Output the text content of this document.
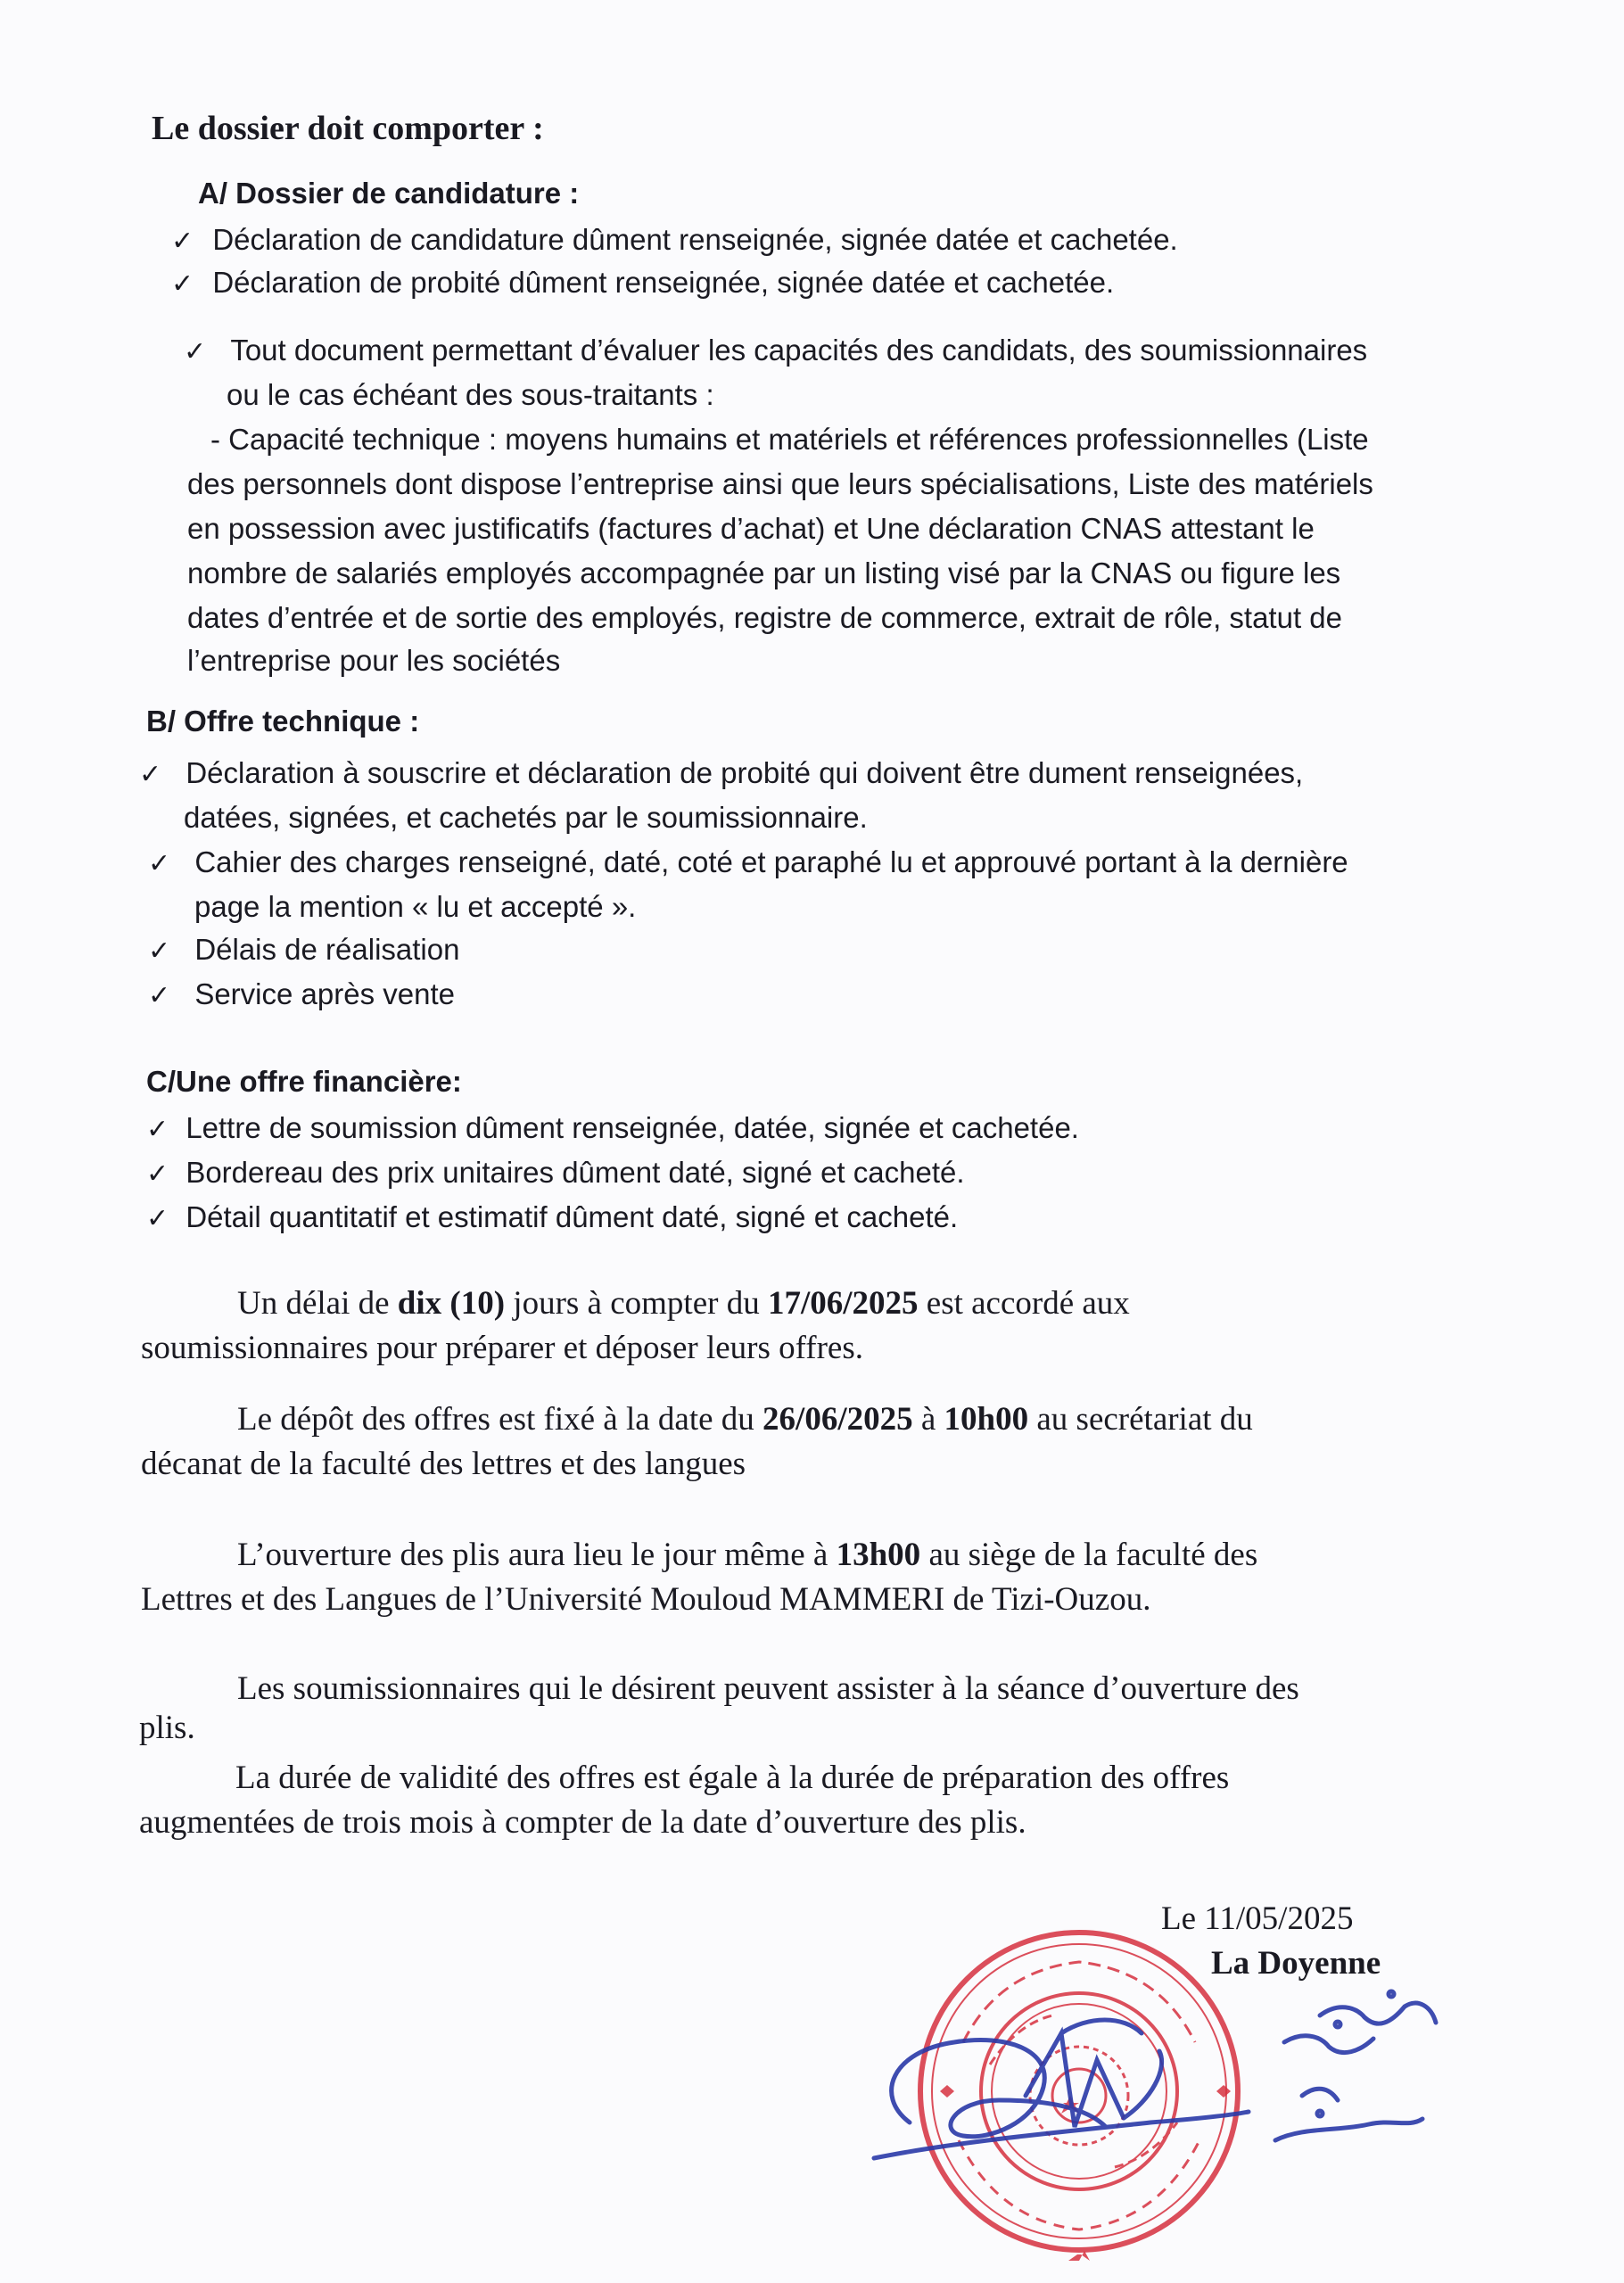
Le dossier doit comporter :
A/ Dossier de candidature :
✓ Déclaration de candidature dûment renseignée, signée datée et cachetée.
✓ Déclaration de probité dûment renseignée, signée datée et cachetée.
✓ Tout document permettant d’évaluer les capacités des candidats, des soumissionnaires
ou le cas échéant des sous-traitants :
- Capacité technique : moyens humains et matériels et références professionnelles (Liste
des personnels dont dispose l’entreprise ainsi que leurs spécialisations, Liste des matériels
en possession avec justificatifs (factures d’achat) et Une déclaration CNAS attestant le
nombre de salariés employés accompagnée par un listing visé par la CNAS ou figure les
dates d’entrée et de sortie des employés, registre de commerce, extrait de rôle, statut de
l’entreprise pour les sociétés
B/ Offre technique :
✓ Déclaration à souscrire et déclaration de probité qui doivent être dument renseignées,
datées, signées, et cachetés par le soumissionnaire.
✓ Cahier des charges renseigné, daté, coté et paraphé lu et approuvé portant à la dernière
page la mention « lu et accepté ».
✓ Délais de réalisation
✓ Service après vente
C/Une offre financière:
✓ Lettre de soumission dûment renseignée, datée, signée et cachetée.
✓ Bordereau des prix unitaires dûment daté, signé et cacheté.
✓ Détail quantitatif et estimatif dûment daté, signé et cacheté.
Un délai de dix (10) jours à compter du 17/06/2025 est accordé aux
soumissionnaires pour préparer et déposer leurs offres.
Le dépôt des offres est fixé à la date du 26/06/2025 à 10h00 au secrétariat du
décanat de la faculté des lettres et des langues
L’ouverture des plis aura lieu le jour même à 13h00 au siège de la faculté des
Lettres et des Langues de l’Université Mouloud MAMMERI de Tizi-Ouzou.
Les soumissionnaires qui le désirent peuvent assister à la séance d’ouverture des
plis.
La durée de validité des offres est égale à la durée de préparation des offres
augmentées de trois mois à compter de la date d’ouverture des plis.
Le 11/05/2025
La Doyenne
